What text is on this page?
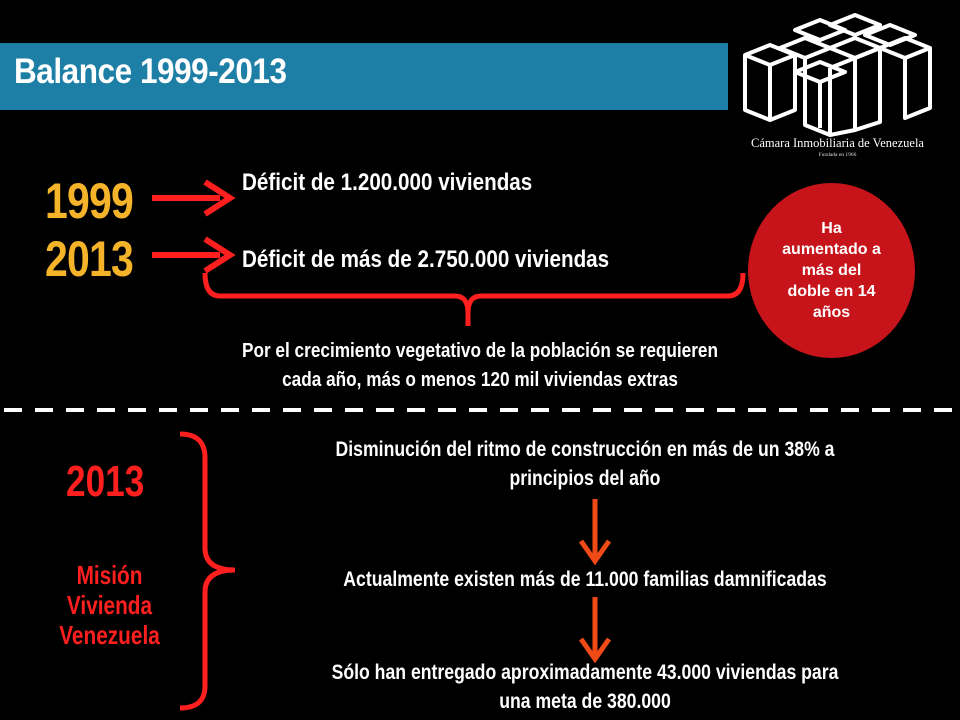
Balance 1999-2013
Cámara Inmobiliaria de Venezuela
Fundada en 1966
1999
2013
Déficit de 1.200.000 viviendas
Déficit de más de 2.750.000 viviendas
Ha aumentado a más del doble en 14 años
Por el crecimiento vegetativo de la población se requieren
cada año, más o menos 120 mil viviendas extras
2013
Misión
Vivienda
Venezuela
Disminución del ritmo de construcción en más de un 38% a
principios del año
Actualmente existen más de 11.000 familias damnificadas
Sólo han entregado aproximadamente 43.000 viviendas para
una meta de 380.000
